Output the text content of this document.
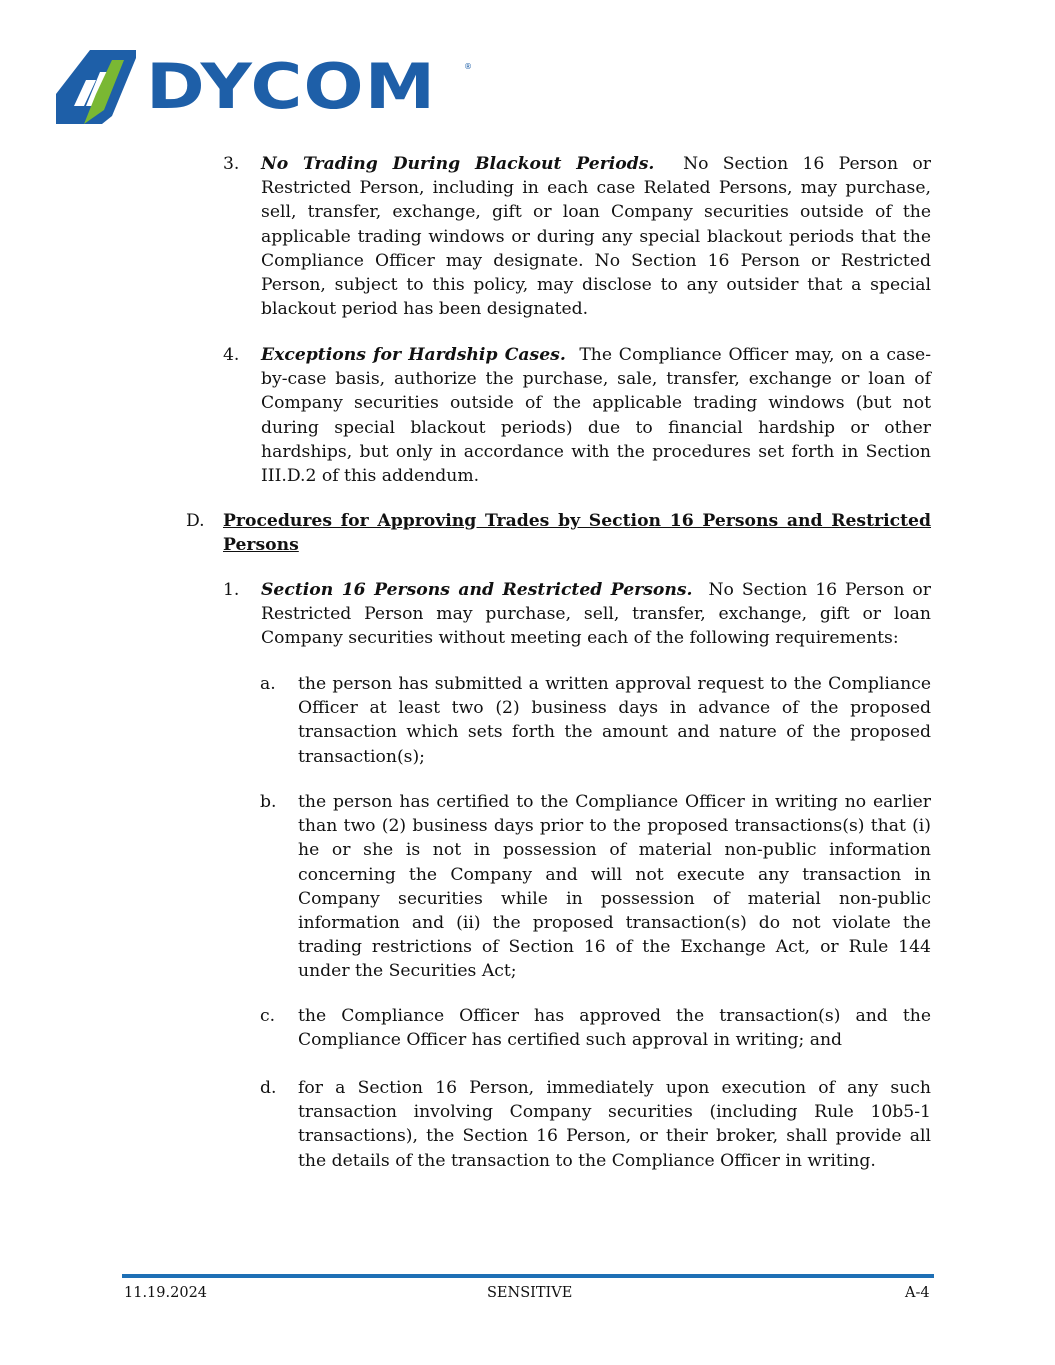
DYCOM	®
3. No Trading During Blackout Periods. No Section 16 Person or Restricted Person, including in each case Related Persons, may purchase, sell, transfer, exchange, gift or loan Company securities outside of the applicable trading windows or during any special blackout periods that the Compliance Officer may designate. No Section 16 Person or Restricted Person, subject to this policy, may disclose to any outsider that a special blackout period has been designated.
4. Exceptions for Hardship Cases. The Compliance Officer may, on a case-by-case basis, authorize the purchase, sale, transfer, exchange or loan of Company securities outside of the applicable trading windows (but not during special blackout periods) due to financial hardship or other hardships, but only in accordance with the procedures set forth in Section III.D.2 of this addendum.
D. Procedures for Approving Trades by Section 16 Persons and Restricted Persons
1. Section 16 Persons and Restricted Persons. No Section 16 Person or Restricted Person may purchase, sell, transfer, exchange, gift or loan Company securities without meeting each of the following requirements:
a. the person has submitted a written approval request to the Compliance Officer at least two (2) business days in advance of the proposed transaction which sets forth the amount and nature of the proposed transaction(s);
b. the person has certified to the Compliance Officer in writing no earlier than two (2) business days prior to the proposed transactions(s) that (i) he or she is not in possession of material non-public information concerning the Company and will not execute any transaction in Company securities while in possession of material non-public information and (ii) the proposed transaction(s) do not violate the trading restrictions of Section 16 of the Exchange Act, or Rule 144 under the Securities Act;
c. the Compliance Officer has approved the transaction(s) and the Compliance Officer has certified such approval in writing; and
d. for a Section 16 Person, immediately upon execution of any such transaction involving Company securities (including Rule 10b5-1 transactions), the Section 16 Person, or their broker, shall provide all the details of the transaction to the Compliance Officer in writing.
11.19.2024	SENSITIVE	A-4
